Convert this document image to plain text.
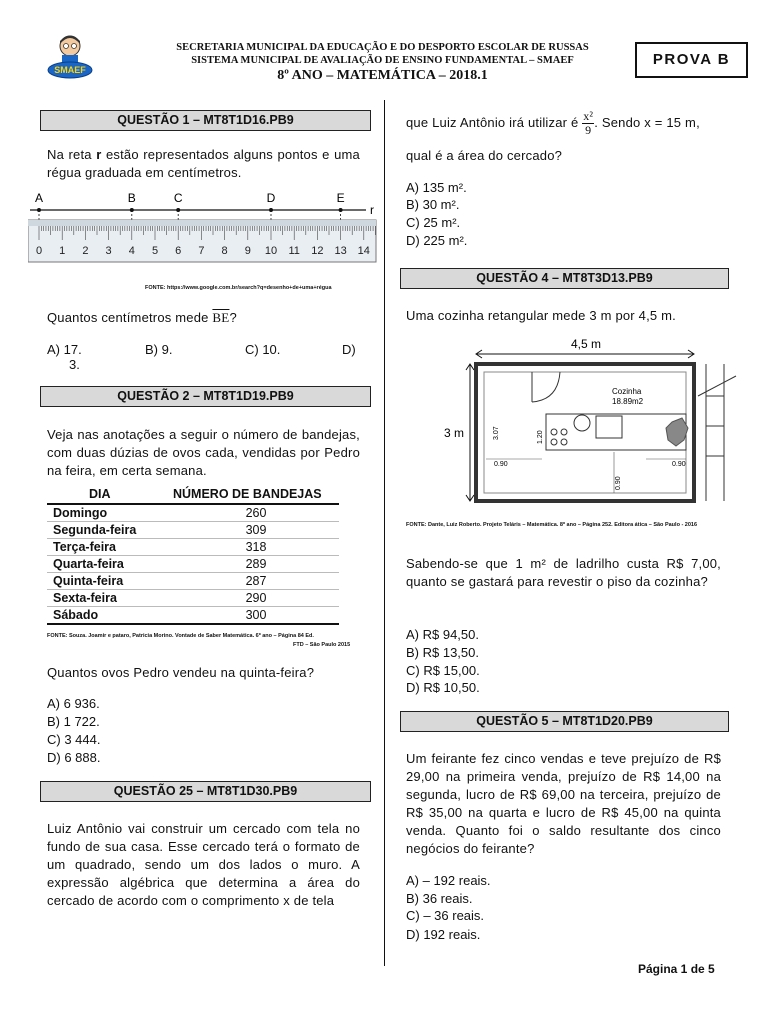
SMAEF
SECRETARIA MUNICIPAL DA EDUCAÇÃO E DO DESPORTO ESCOLAR DE RUSSAS
SISTEMA MUNICIPAL DE AVALIAÇÃO DE ENSINO FUNDAMENTAL – SMAEF
8º ANO – MATEMÁTICA – 2018.1
PROVA B
QUESTÃO 1 – MT8T1D16.PB9
Na reta r estão representados alguns pontos e uma régua graduada em centímetros.
r
A	B	C	D	E
0 1 2 3 4 5 6 7 8 9 10 11 12 13 14
FONTE: https://www.google.com.br/search?q=desenho+de+uma+régua
Quantos centímetros mede $\overline{BE}$?
A) 17.	B) 9.	C) 10.	D)
3.
QUESTÃO 2 – MT8T1D19.PB9
Veja nas anotações a seguir o número de bandejas, com duas dúzias de ovos cada, vendidas por Pedro na feira, em certa semana.
DIA	NÚMERO DE BANDEJAS
Domingo	260
Segunda-feira	309
Terça-feira	318
Quarta-feira	289
Quinta-feira	287
Sexta-feira	290
Sábado	300
FONTE: Souza. Joamir e pataro, Patricia Morino. Vontade de Saber Matemática. 6º ano – Página 84 Ed.
FTD – São Paulo 2015
Quantos ovos Pedro vendeu na quinta-feira?
A) 6 936.
B) 1 722.
C) 3 444.
D) 6 888.
QUESTÃO 25 – MT8T1D30.PB9
Luiz Antônio vai construir um cercado com tela no fundo de sua casa. Esse cercado terá o formato de um quadrado, sendo um dos lados o muro. A expressão algébrica que determina a área do cercado de acordo com o comprimento x de tela
que Luiz Antônio irá utilizar é $\frac{\text{x²}}{9}$ . Sendo x = 15 m,
qual é a área do cercado?
A) 135 m².
B) 30 m².
C) 25 m².
D) 225 m².
QUESTÃO 4 – MT8T3D13.PB9
Uma cozinha retangular mede 3 m por 4,5 m.
4,5 m
3 m
Cozinha
18.89m2
3.07	1.20
0.90	0.90
0.90
FONTE: Dante, Luiz Roberto. Projeto Teláris – Matemática. 8º ano – Página 252. Editora ática – São Paulo - 2016
Sabendo-se que 1 m² de ladrilho custa R$ 7,00, quanto se gastará para revestir o piso da cozinha?
A) R$ 94,50.
B) R$ 13,50.
C) R$ 15,00.
D) R$ 10,50.
QUESTÃO 5 – MT8T1D20.PB9
Um feirante fez cinco vendas e teve prejuízo de R$ 29,00 na primeira venda, prejuízo de R$ 14,00 na segunda, lucro de R$ 69,00 na terceira, prejuízo de R$ 35,00 na quarta e lucro de R$ 45,00 na quinta venda. Quanto foi o saldo resultante dos cinco negócios do feirante?
A) – 192 reais.
B) 36 reais.
C) – 36 reais.
D) 192 reais.
Página 1 de 5
